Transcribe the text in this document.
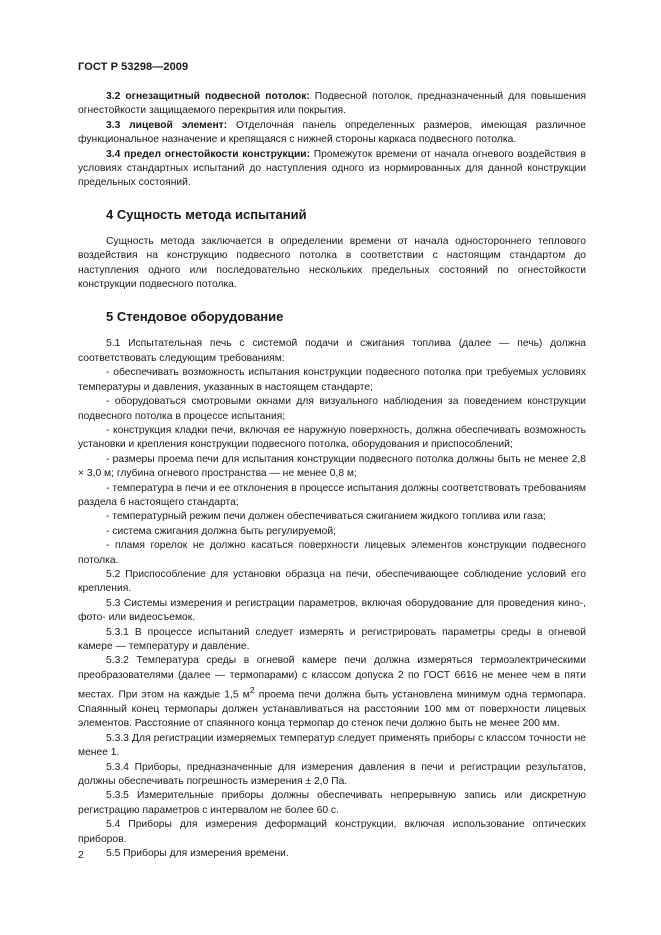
ГОСТ Р 53298—2009

3.2 огнезащитный подвесной потолок: Подвесной потолок, предназначенный для повышения огнестойкости защищаемого перекрытия или покрытия.

3.3 лицевой элемент: Отделочная панель определенных размеров, имеющая различное функциональное назначение и крепящаяся с нижней стороны каркаса подвесного потолка.

3.4 предел огнестойкости конструкции: Промежуток времени от начала огневого воздействия в условиях стандартных испытаний до наступления одного из нормированных для данной конструкции предельных состояний.

4 Сущность метода испытаний

Сущность метода заключается в определении времени от начала одностороннего теплового воздействия на конструкцию подвесного потолка в соответствии с настоящим стандартом до наступления одного или последовательно нескольких предельных состояний по огнестойкости конструкции подвесного потолка.

5 Стендовое оборудование

5.1 Испытательная печь с системой подачи и сжигания топлива (далее — печь) должна соответствовать следующим требованиям:

- обеспечивать возможность испытания конструкции подвесного потолка при требуемых условиях температуры и давления, указанных в настоящем стандарте;

- оборудоваться смотровыми окнами для визуального наблюдения за поведением конструкции подвесного потолка в процессе испытания;

- конструкция кладки печи, включая ее наружную поверхность, должна обеспечивать возможность установки и крепления конструкции подвесного потолка, оборудования и приспособлений;

- размеры проема печи для испытания конструкции подвесного потолка должны быть не менее 2,8 × 3,0 м; глубина огневого пространства — не менее 0,8 м;

- температура в печи и ее отклонения в процессе испытания должны соответствовать требованиям раздела 6 настоящего стандарта;

- температурный режим печи должен обеспечиваться сжиганием жидкого топлива или газа;

- система сжигания должна быть регулируемой;

- пламя горелок не должно касаться поверхности лицевых элементов конструкции подвесного потолка.

5.2 Приспособление для установки образца на печи, обеспечивающее соблюдение условий его крепления.

5.3 Системы измерения и регистрации параметров, включая оборудование для проведения кино-, фото- или видеосъемок.

5.3.1 В процессе испытаний следует измерять и регистрировать параметры среды в огневой камере — температуру и давление.

5.3.2 Температура среды в огневой камере печи должна измеряться термоэлектрическими преобразователями (далее — термопарами) с классом допуска 2 по ГОСТ 6616 не менее чем в пяти местах. При этом на каждые 1,5 $м^2$ проема печи должна быть установлена минимум одна термопара. Спаянный конец термопары должен устанавливаться на расстоянии 100 мм от поверхности лицевых элементов. Расстояние от спаянного конца термопар до стенок печи должно быть не менее 200 мм.

5.3.3 Для регистрации измеряемых температур следует применять приборы с классом точности не менее 1.

5.3.4 Приборы, предназначенные для измерения давления в печи и регистрации результатов, должны обеспечивать погрешность измерения ± 2,0 Па.

5.3.5 Измерительные приборы должны обеспечивать непрерывную запись или дискретную регистрацию параметров с интервалом не более 60 с.

5.4 Приборы для измерения деформаций конструкции, включая использование оптических приборов.

5.5 Приборы для измерения времени.

2
